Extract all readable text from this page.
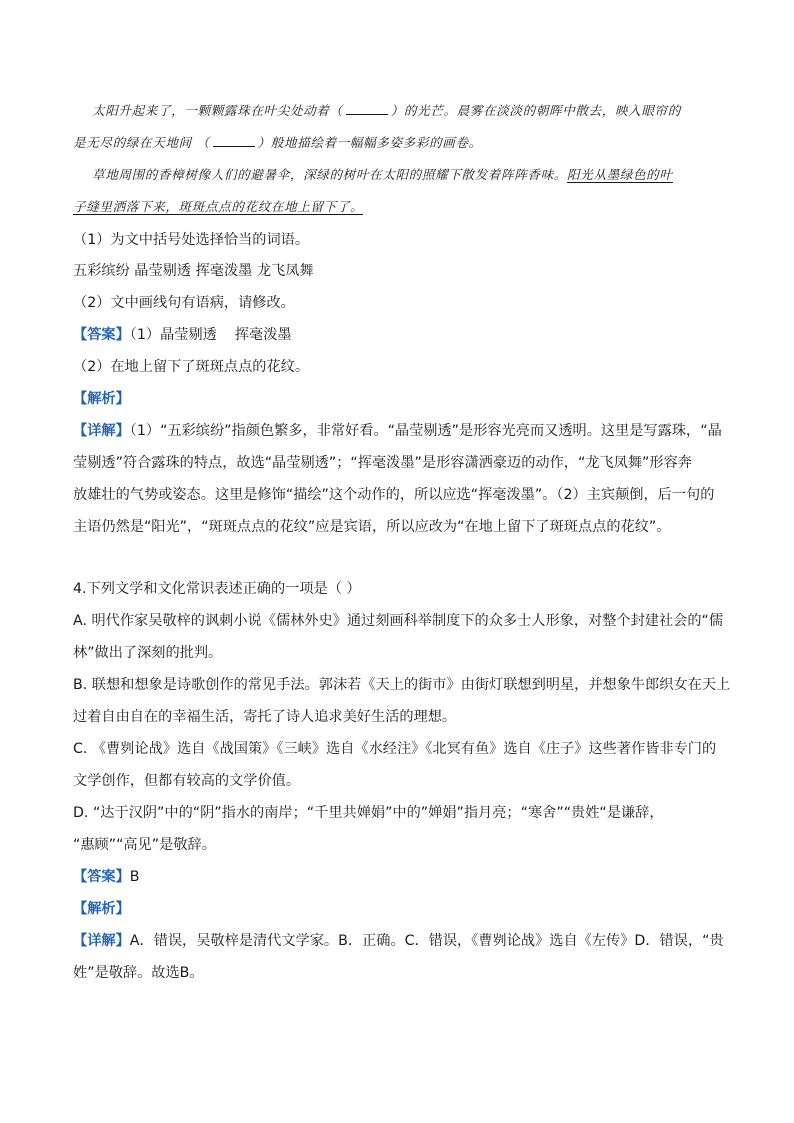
太阳升起来了，一颗颗露珠在叶尖处动着（	）的光芒。晨雾在淡淡的朝晖中散去，映入眼帘的
是无尽的绿在天地间 （	）般地描绘着一幅幅多姿多彩的画卷。
草地周围的香樟树像人们的避暑伞，深绿的树叶在太阳的照耀下散发着阵阵香味。阳光从墨绿色的叶
子缝里洒落下来，斑斑点点的花纹在地上留下了。
（1）为文中括号处选择恰当的词语。
五彩缤纷 晶莹剔透 挥毫泼墨 龙飞凤舞
（2）文中画线句有语病，请修改。
【答案】（1）晶莹剔透 挥毫泼墨
（2）在地上留下了斑斑点点的花纹。
【解析】
【详解】（1）“五彩缤纷”指颜色繁多，非常好看。“晶莹剔透”是形容光亮而又透明。这里是写露珠，“晶
莹剔透”符合露珠的特点，故选“晶莹剔透”；“挥毫泼墨”是形容潇洒豪迈的动作，“龙飞凤舞”形容奔
放雄壮的气势或姿态。这里是修饰“描绘”这个动作的，所以应选“挥毫泼墨”。（2）主宾颠倒，后一句的
主语仍然是“阳光”，“斑斑点点的花纹”应是宾语，所以应改为“在地上留下了斑斑点点的花纹”。
4.下列文学和文化常识表述正确的一项是（ ）
A. 明代作家吴敬梓的讽刺小说《儒林外史》通过刻画科举制度下的众多士人形象，对整个封建社会的“儒
林”做出了深刻的批判。
B. 联想和想象是诗歌创作的常见手法。郭沫若《天上的街市》由街灯联想到明星，并想象牛郎织女在天上
过着自由自在的幸福生活，寄托了诗人追求美好生活的理想。
C. 《曹刿论战》选自《战国策》《三峡》选自《水经注》《北冥有鱼》选自《庄子》这些著作皆非专门的
文学创作，但都有较高的文学价值。
D. “达于汉阴”中的“阴”指水的南岸；“千里共婵娟”中的”婵娟”指月亮；“寒舍”“贵姓“是谦辞，
“惠顾”“高见”是敬辞。
【答案】B
【解析】
【详解】A．错误，吴敬梓是清代文学家。B．正确。C．错误，《曹刿论战》选自《左传》D．错误，“贵
姓”是敬辞。故选B。
